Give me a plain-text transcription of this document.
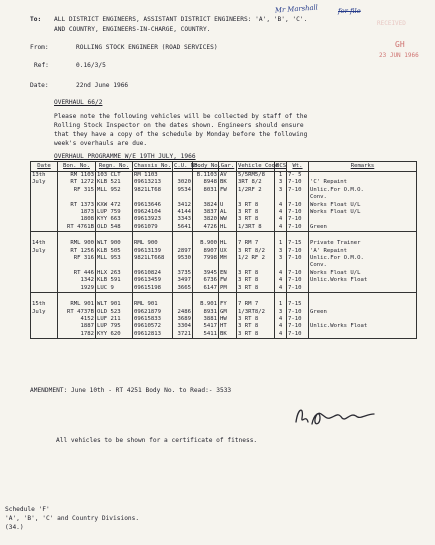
To: ALL DISTRICT ENGINEERS, ASSISTANT DISTRICT ENGINEERS: 'A', 'B', 'C'.
AND COUNTRY, ENGINEERS-IN-CHARGE, COUNTRY.
Mr Marshall	for file
RECEIVED
GH
23 JUN 1966
From:	ROLLING STOCK ENGINEER (ROAD SERVICES)
Ref:	0.16/3/5
Date:	22nd June 1966
OVERHAUL 66/2
Please note the following vehicles will be collected by staff of the
Rolling Stock Inspector on the dates shown. Engineers should ensure
that they have a copy of the schedule by Monday before the following
week's overhauls are due.
OVERHAUL PROGRAMME W/E 19TH JULY, 1966
Date	Bon. No.	Regn. No.	Chassis No.	C.U. No.	Body No.	Gar.	Vehicle Code	BCS	Wt.	Remarks
13th	RM 1103	103 CLT	RM 1103		B.1103	AV	5/5RM5/8	1	7- 5	
July	RT 1272	KLB 521	09613213	3020	8948	BK	3RT 8/2	3	7-10	'C' Repaint
	RF 315	MLL 952	9821LT68	9534	8031	FW	1/2RF 2	3	7-10	Unlic.For O.M.O.
										Conv.
	RT 1373	KXW 472	09613646	3412	3824	U	3 RT 8	4	7-10	Works Float U/L
	1873	LUP 759	09624104	4144	3837	AL	3 RT 8	4	7-10	Works Float U/L
	1808	KYY 663	09613923	3343	3820	WW	3 RT 8	4	7-10	
	RT 4761B	OLD 548	0961079	5641	4726	HL	1/3RT 8	4	7-10	Green

14th	RML 900	WLT 900	RML 900		B.900	HL	7 RM 7	1	7-15	Private Trainer
July	RT 1256	KLB 505	09613139	2897	8907	UX	3 RT 8/2	3	7-10	'A' Repaint
	RF 316	MLL 953	9821LT668	9530	7998	MH	1/2 RF 2	3	7-10	Unlic.For O.M.O.
										Conv.
	RT 446	HLX 263	09610824	3735	3945	EN	3 RT 8	4	7-10	Works Float U/L
	1342	KLB 591	09613459	3497	6736	FW	3 RT 8	4	7-10	Unlic.Works Float
	1929	LUC 9	09615198	3665	6147	PM	3 RT 8	4	7-10	

15th	RML 901	WLT 901	RML 901		B.901	FY	7 RM 7	1	7-15	
July	RT 4737B	OLD 523	09621879	2486	8931	GM	1/3RT8/2	3	7-10	Green
	4152	LUF 211	09615833	3689	3881	HW	3 RT 8	4	7-10	
	1887	LUP 795	09610572	3304	5417	HT	3 RT 8	4	7-10	Unlic.Works Float
	1782	KYY 620	09612813	3721	5411	BK	3 RT 8	4	7-10	
AMENDMENT: June 10th - RT 4251 Body No. to Read:- 3533
All vehicles to be shown for a certificate of fitness.
Schedule 'F'
'A', 'B', 'C' and Country Divisions.
(34.)
